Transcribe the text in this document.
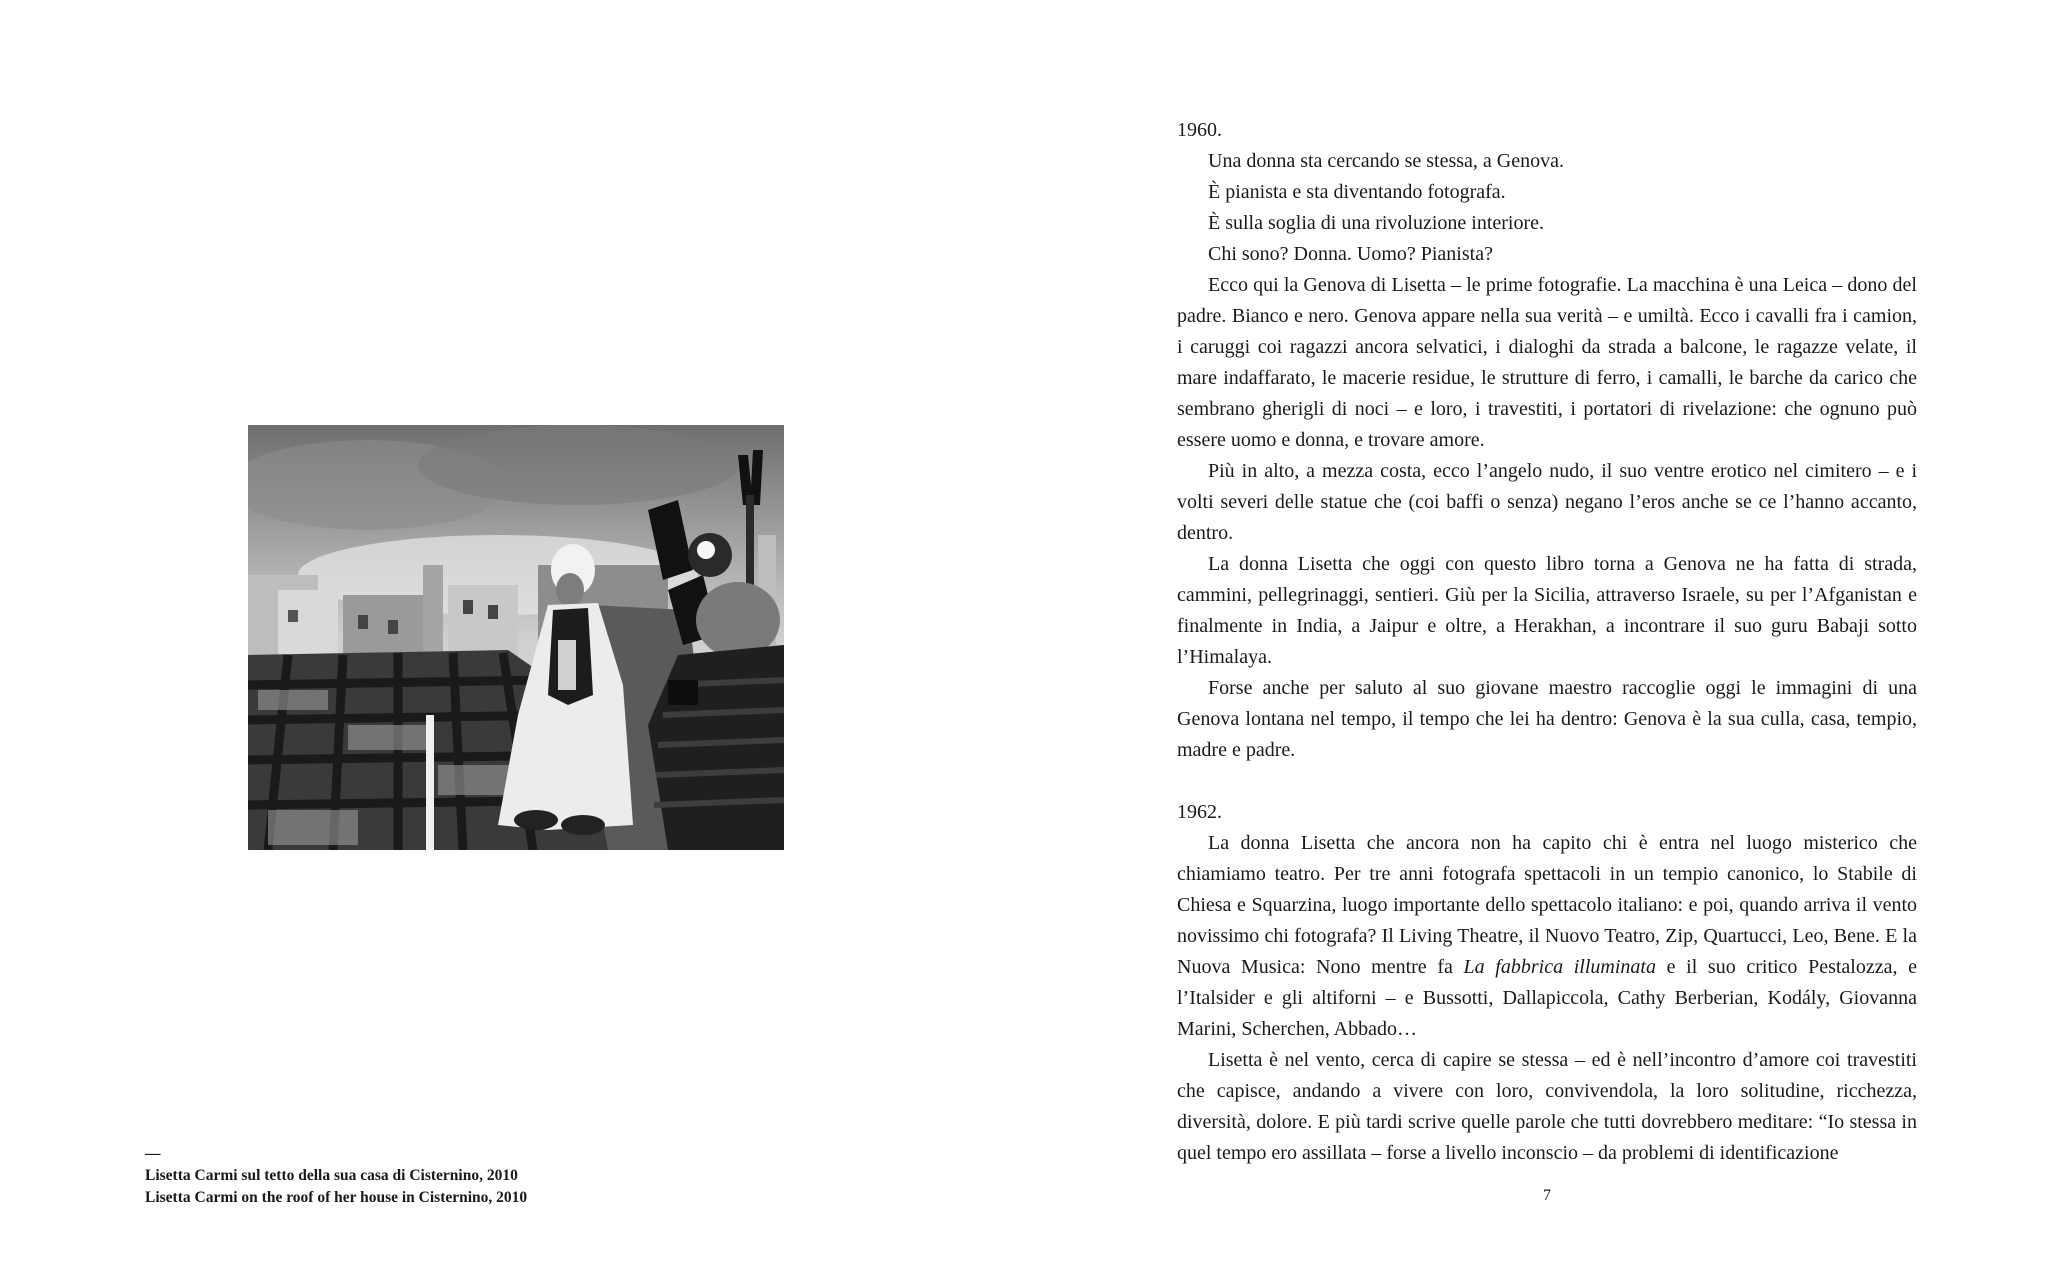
—
Lisetta Carmi sul tetto della sua casa di Cisternino, 2010
Lisetta Carmi on the roof of her house in Cisternino, 2010

1960.

Una donna sta cercando se stessa, a Genova.

È pianista e sta diventando fotografa.

È sulla soglia di una rivoluzione interiore.

Chi sono? Donna. Uomo? Pianista?

Ecco qui la Genova di Lisetta – le prime fotografie. La macchina è una Leica – dono del padre. Bianco e nero. Genova appare nella sua verità – e umiltà. Ecco i cavalli fra i camion, i caruggi coi ragazzi ancora selvatici, i dialoghi da strada a balcone, le ragazze velate, il mare indaffarato, le macerie residue, le strutture di ferro, i camalli, le barche da carico che sembrano gherigli di noci – e loro, i travestiti, i portatori di rivelazione: che ognuno può essere uomo e donna, e trovare amore.

Più in alto, a mezza costa, ecco l’angelo nudo, il suo ventre erotico nel cimitero – e i volti severi delle statue che (coi baffi o senza) negano l’eros anche se ce l’hanno accanto, dentro.

La donna Lisetta che oggi con questo libro torna a Genova ne ha fatta di strada, cammini, pellegrinaggi, sentieri. Giù per la Sicilia, attraverso Israele, su per l’Afganistan e finalmente in India, a Jaipur e oltre, a Herakhan, a incontrare il suo guru Babaji sotto l’Himalaya.

Forse anche per saluto al suo giovane maestro raccoglie oggi le immagini di una Genova lontana nel tempo, il tempo che lei ha dentro: Genova è la sua culla, casa, tempio, madre e padre.

1962.

La donna Lisetta che ancora non ha capito chi è entra nel luogo misterico che chiamiamo teatro. Per tre anni fotografa spettacoli in un tempio canonico, lo Stabile di Chiesa e Squarzina, luogo importante dello spettacolo italiano: e poi, quando arriva il vento novissimo chi fotografa? Il Living Theatre, il Nuovo Teatro, Zip, Quartucci, Leo, Bene. E la Nuova Musica: Nono mentre fa La fabbrica illuminata e il suo critico Pestalozza, e l’Italsider e gli altiforni – e Bussotti, Dallapiccola, Cathy Berberian, Kodály, Giovanna Marini, Scherchen, Abbado…

Lisetta è nel vento, cerca di capire se stessa – ed è nell’incontro d’amore coi travestiti che capisce, andando a vivere con loro, convivendola, la loro solitudine, ricchezza, diversità, dolore. E più tardi scrive quelle parole che tutti dovrebbero meditare: “Io stessa in quel tempo ero assillata – forse a livello inconscio – da problemi di identificazione

7
